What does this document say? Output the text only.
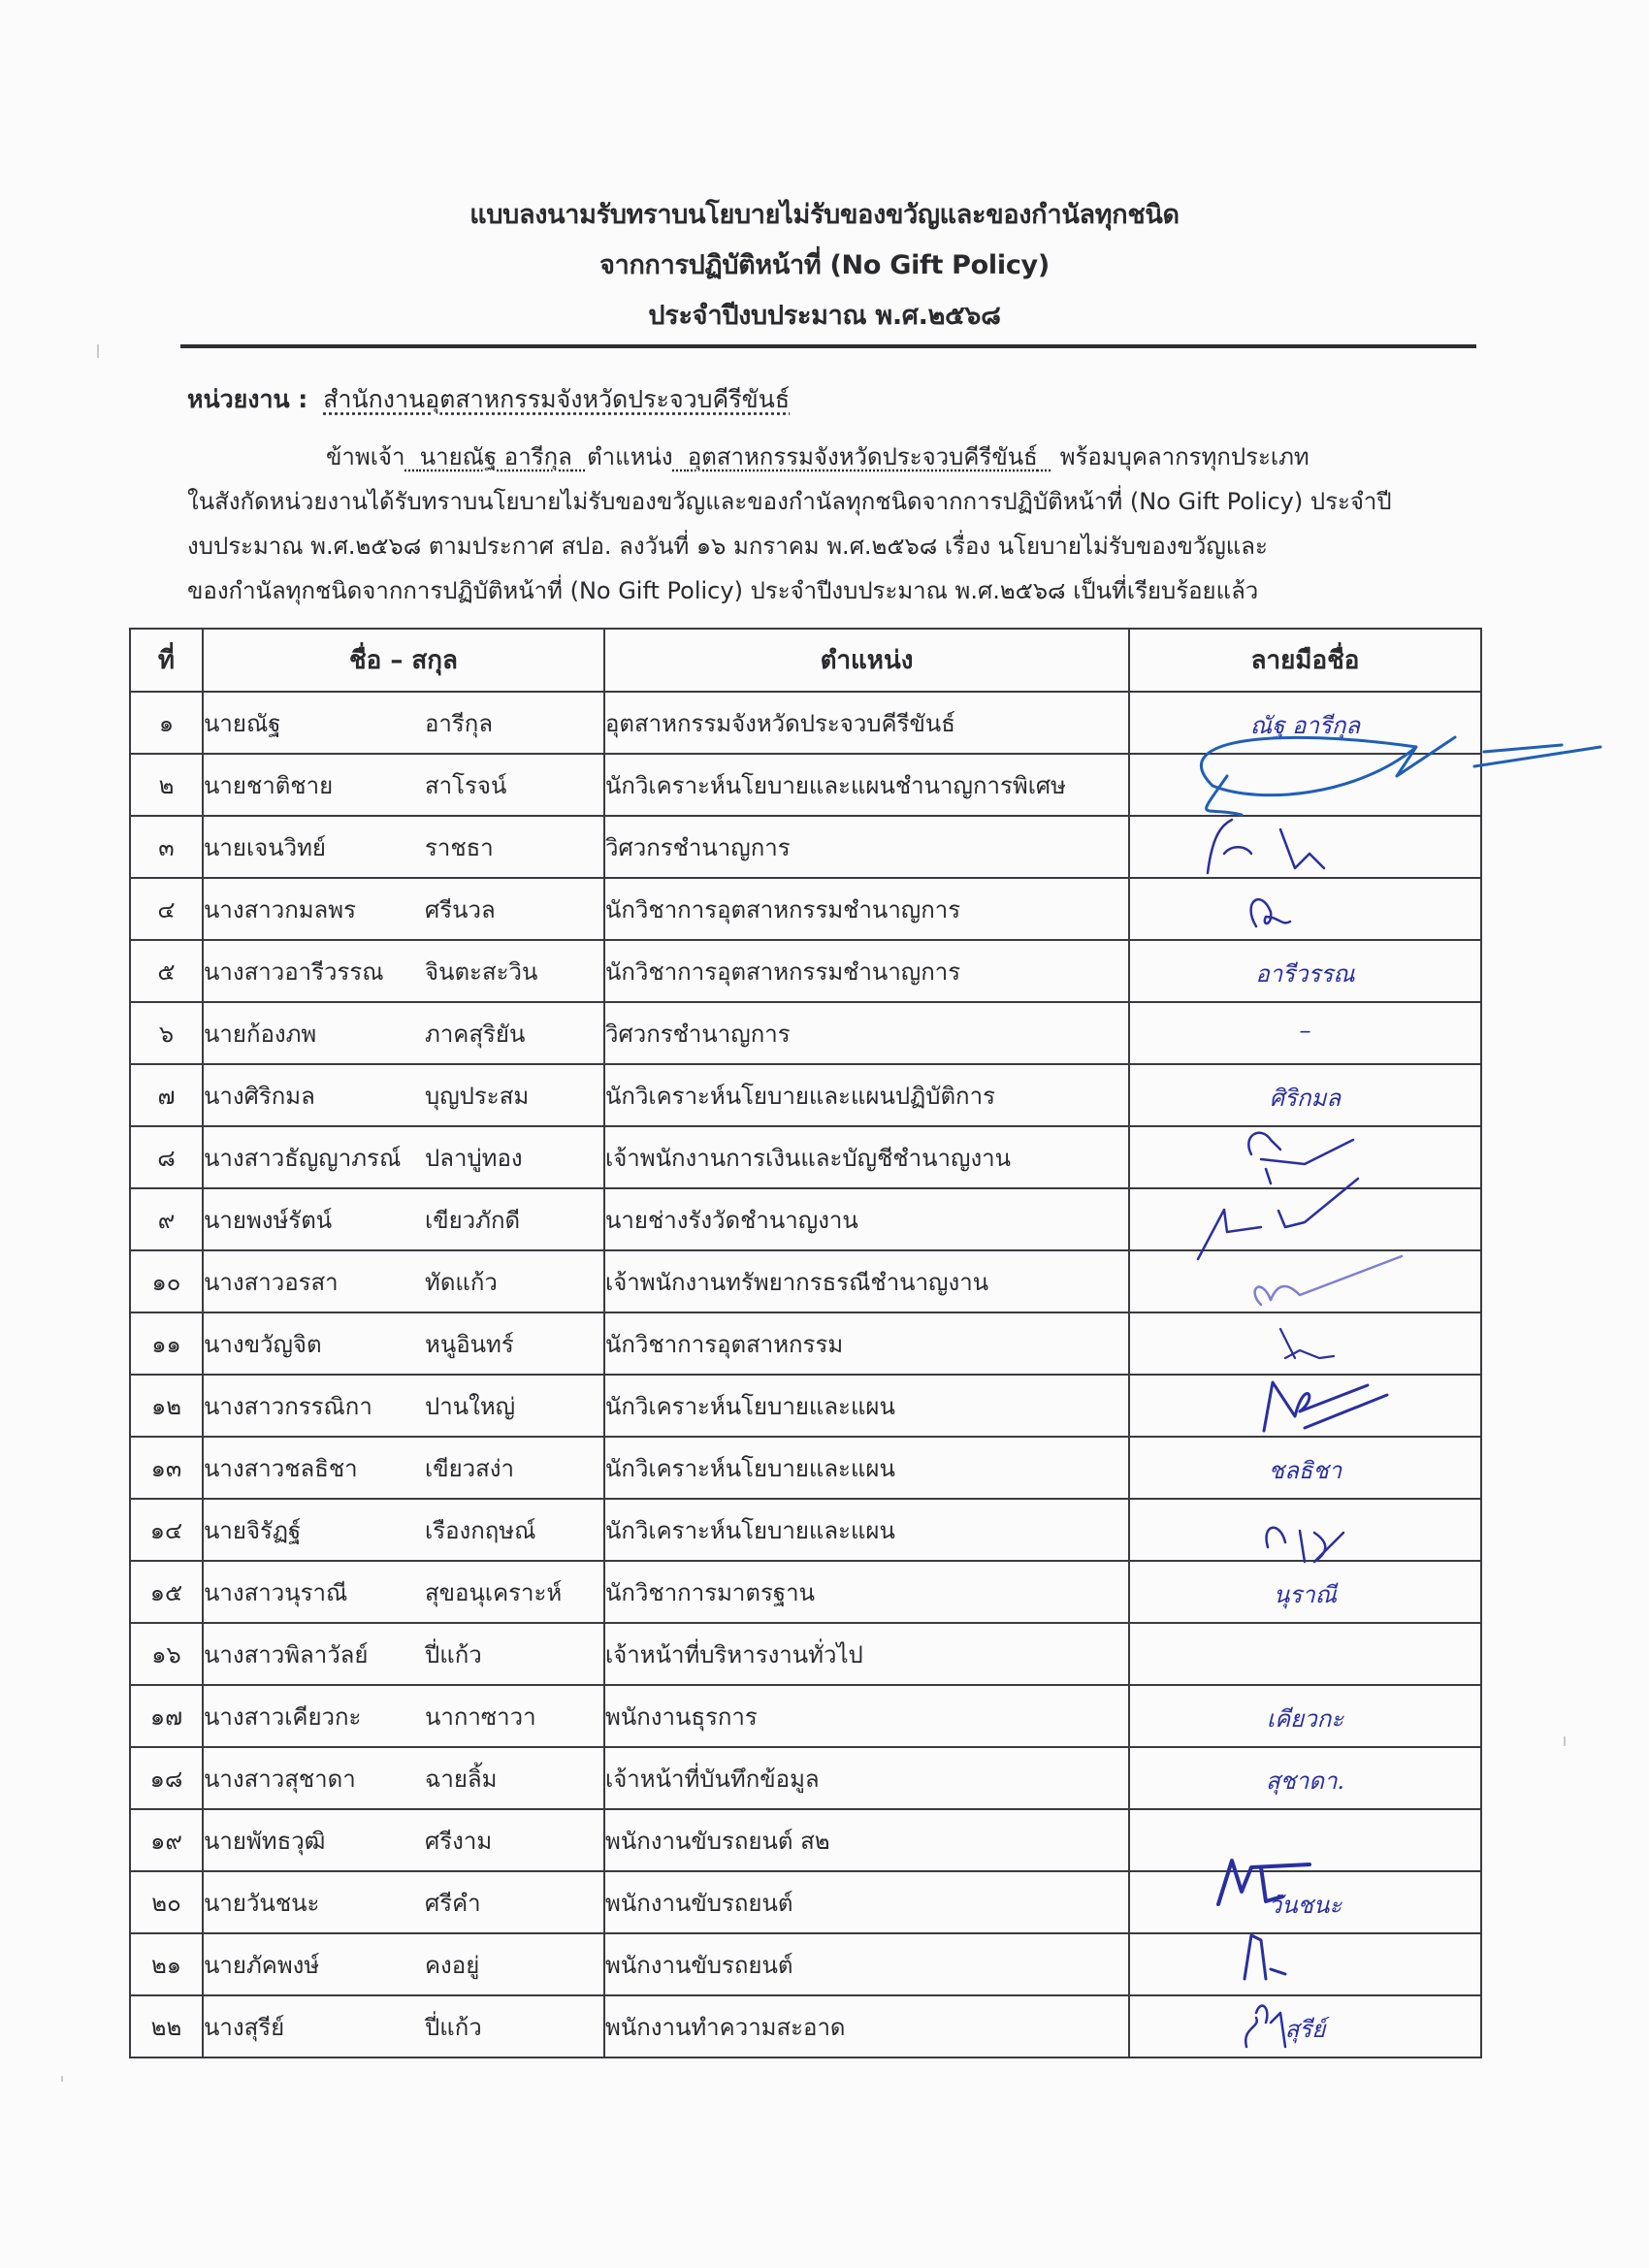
แบบลงนามรับทราบนโยบายไม่รับของขวัญและของกำนัลทุกชนิด
จากการปฏิบัติหน้าที่ (No Gift Policy)
ประจำปีงบประมาณ พ.ศ.๒๕๖๘
หน่วยงาน : สำนักงานอุตสาหกรรมจังหวัดประจวบคีรีขันธ์
ข้าพเจ้า นายณัฐ อารีกุล ตำแหน่ง อุตสาหกรรมจังหวัดประจวบคีรีขันธ์ พร้อมบุคลากรทุกประเภท
ในสังกัดหน่วยงานได้รับทราบนโยบายไม่รับของขวัญและของกำนัลทุกชนิดจากการปฏิบัติหน้าที่ (No Gift Policy) ประจำปี
งบประมาณ พ.ศ.๒๕๖๘ ตามประกาศ สปอ. ลงวันที่ ๑๖ มกราคม พ.ศ.๒๕๖๘ เรื่อง นโยบายไม่รับของขวัญและ
ของกำนัลทุกชนิดจากการปฏิบัติหน้าที่ (No Gift Policy) ประจำปีงบประมาณ พ.ศ.๒๕๖๘ เป็นที่เรียบร้อยแล้ว
ที่	ชื่อ – สกุล	ตำแหน่ง	ลายมือชื่อ
๑	นายณัฐ อารีกุล	อุตสาหกรรมจังหวัดประจวบคีรีขันธ์	ณัฐ อารีกุล

๒	นายชาติชาย สาโรจน์	นักวิเคราะห์นโยบายและแผนชำนาญการพิเศษ	

๓	นายเจนวิทย์ ราชธา	วิศวกรชำนาญการ	

๔	นางสาวกมลพร ศรีนวล	นักวิชาการอุตสาหกรรมชำนาญการ	

๕	นางสาวอารีวรรณ จินตะสะวิน	นักวิชาการอุตสาหกรรมชำนาญการ	อารีวรรณ

๖	นายก้องภพ ภาคสุริยัน	วิศวกรชำนาญการ	–

๗	นางศิริกมล บุญประสม	นักวิเคราะห์นโยบายและแผนปฏิบัติการ	ศิริกมล

๘	นางสาวธัญญาภรณ์ ปลาบู่ทอง	เจ้าพนักงานการเงินและบัญชีชำนาญงาน	

๙	นายพงษ์รัตน์ เขียวภักดี	นายช่างรังวัดชำนาญงาน	

๑๐	นางสาวอรสา ทัดแก้ว	เจ้าพนักงานทรัพยากรธรณีชำนาญงาน	

๑๑	นางขวัญจิต หนูอินทร์	นักวิชาการอุตสาหกรรม	

๑๒	นางสาวกรรณิกา ปานใหญ่	นักวิเคราะห์นโยบายและแผน	

๑๓	นางสาวชลธิชา เขียวสง่า	นักวิเคราะห์นโยบายและแผน	ชลธิชา

๑๔	นายจิรัฏฐ์ เรืองกฤษณ์	นักวิเคราะห์นโยบายและแผน	

๑๕	นางสาวนุราณี สุขอนุเคราะห์	นักวิชาการมาตรฐาน	นุราณี

๑๖	นางสาวพิลาวัลย์ ปี่แก้ว	เจ้าหน้าที่บริหารงานทั่วไป	

๑๗	นางสาวเคียวกะ นากาซาวา	พนักงานธุรการ	เคียวกะ

๑๘	นางสาวสุชาดา ฉายลิ้ม	เจ้าหน้าที่บันทึกข้อมูล	สุชาดา.

๑๙	นายพัทธวุฒิ ศรีงาม	พนักงานขับรถยนต์ ส๒	

๒๐	นายวันชนะ ศรีคำ	พนักงานขับรถยนต์	วันชนะ

๒๑	นายภัคพงษ์ คงอยู่	พนักงานขับรถยนต์	

๒๒	นางสุรีย์ ปี่แก้ว	พนักงานทำความสะอาด	สุรีย์
